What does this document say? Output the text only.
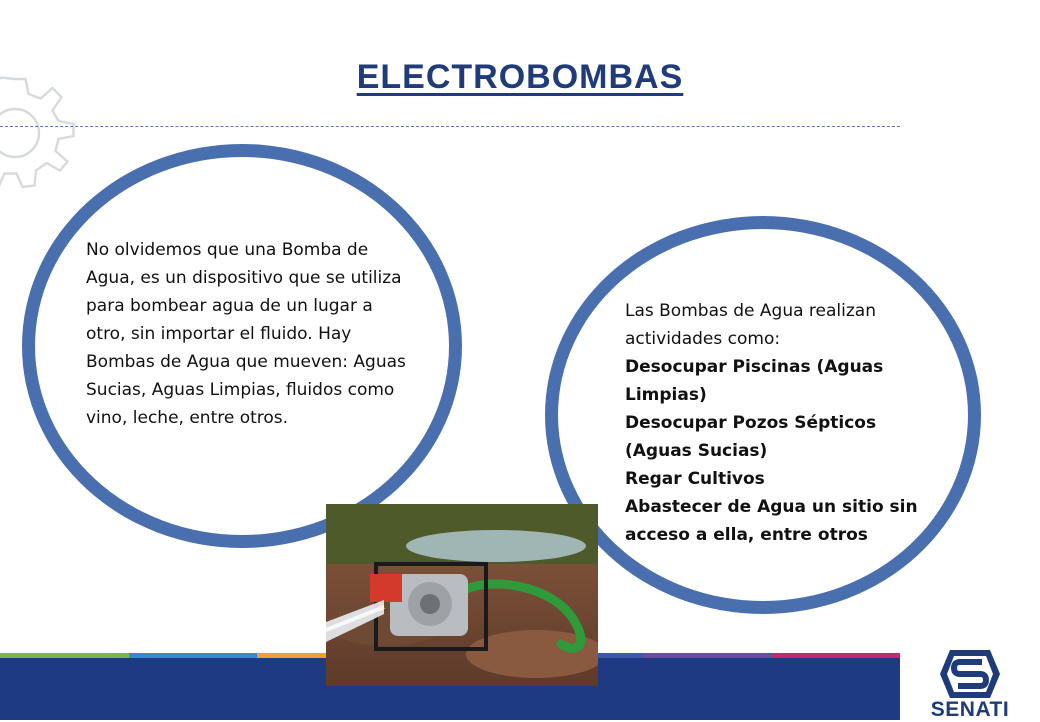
ELECTROBOMBAS
No olvidemos que una Bomba de Agua, es un dispositivo que se utiliza para bombear agua de un lugar a otro, sin importar el fluido. Hay Bombas de Agua que mueven: Aguas Sucias, Aguas Limpias, fluidos como vino, leche, entre otros.
Las Bombas de Agua realizan actividades como:
Desocupar Piscinas (Aguas Limpias)
Desocupar Pozos Sépticos (Aguas Sucias)
Regar Cultivos
Abastecer de Agua un sitio sin acceso a ella, entre otros
SENATI
